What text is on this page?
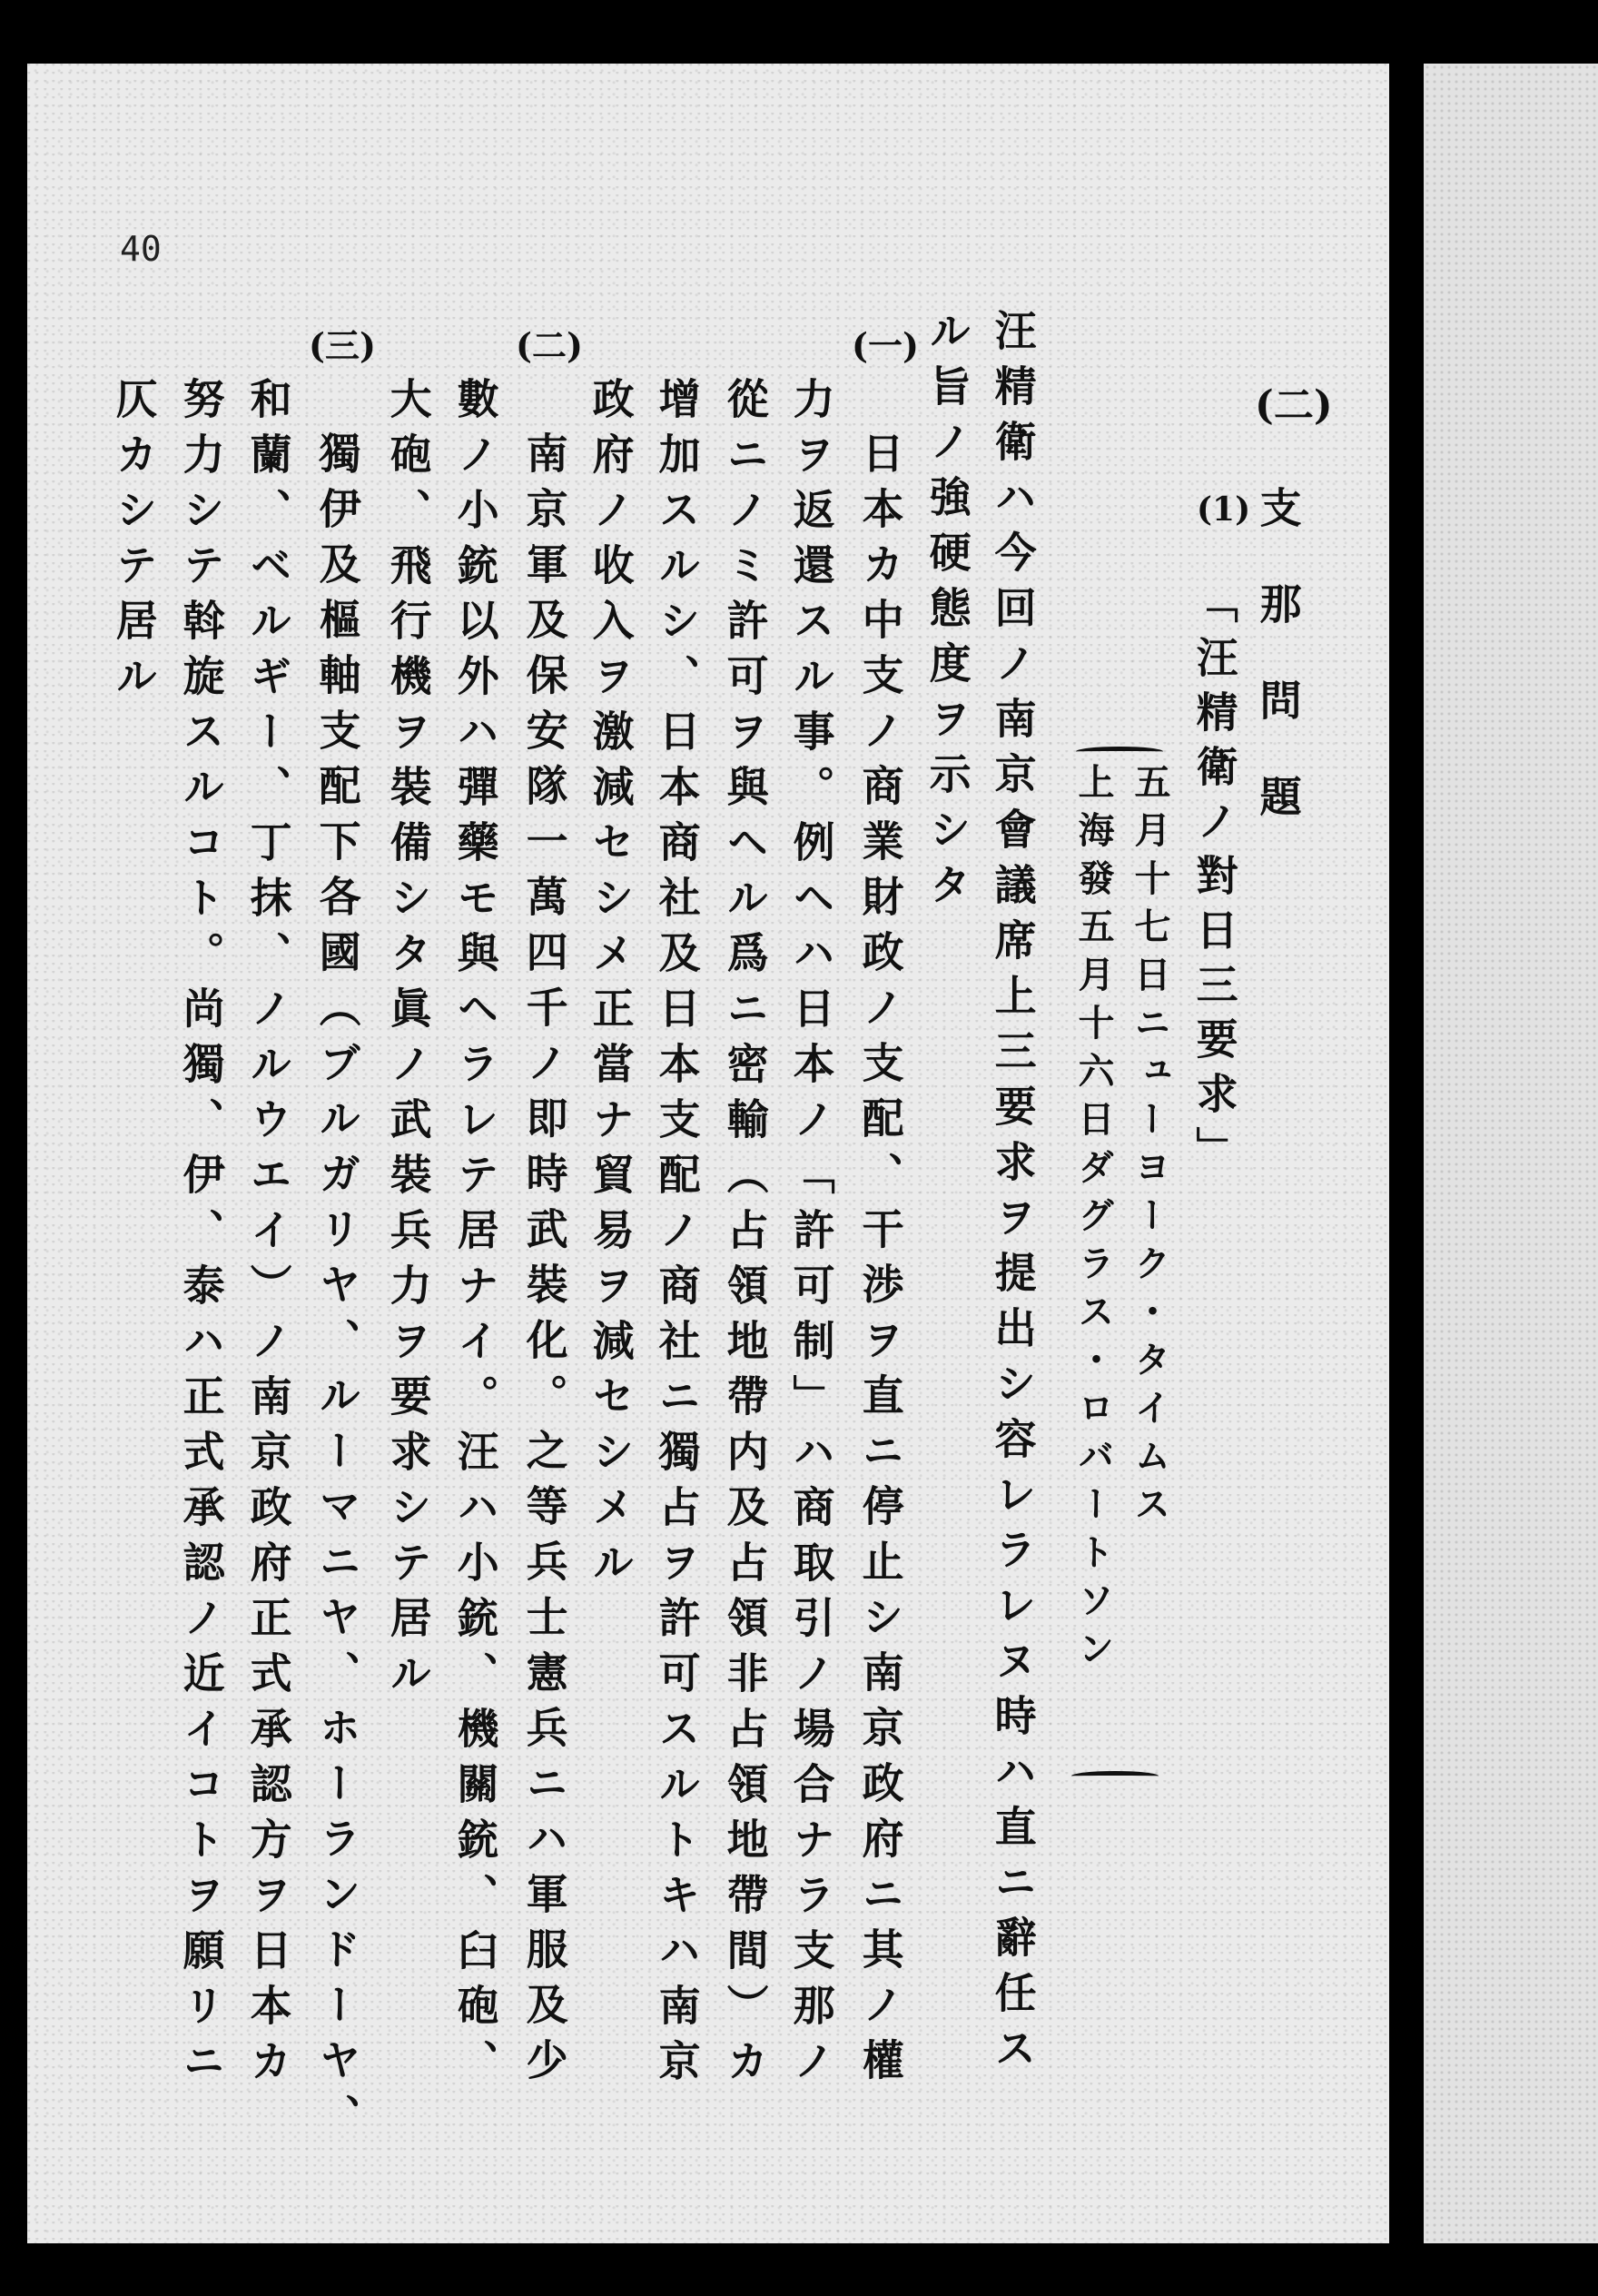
40
(二)
支那問題
(1)
「汪精衛ノ對日三要求」
五月十七日ニューヨーク・タイムス
上海發五月十六日ダグラス・ロバートソン
汪精衛ハ今回ノ南京會議席上三要求ヲ提出シ容レラレヌ時ハ直ニ辭任ス
ル旨ノ強硬態度ヲ示シタ
(一)
日本カ中支ノ商業財政ノ支配、干渉ヲ直ニ停止シ南京政府ニ其ノ權
力ヲ返還スル事。例ヘハ日本ノ「許可制」ハ商取引ノ場合ナラ支那ノ
從ニノミ許可ヲ與ヘル爲ニ密輸（占領地帶内及占領非占領地帶間）カ
增加スルシ、日本商社及日本支配ノ商社ニ獨占ヲ許可スルトキハ南京
政府ノ收入ヲ激減セシメ正當ナ貿易ヲ減セシメル
(二)
南京軍及保安隊一萬四千ノ即時武裝化。之等兵士憲兵ニハ軍服及少
數ノ小銃以外ハ彈藥モ與ヘラレテ居ナイ。汪ハ小銃、機關銃、臼砲、
大砲、飛行機ヲ裝備シタ眞ノ武裝兵力ヲ要求シテ居ル
(三)
獨伊及樞軸支配下各國（ブルガリヤ、ルーマニヤ、ホーランドーヤ、
和蘭、ベルギー、丁抹、ノルウエイ）ノ南京政府正式承認方ヲ日本カ
努力シテ斡旋スルコト。尚獨、伊、泰ハ正式承認ノ近イコトヲ願リニ
仄カシテ居ル
